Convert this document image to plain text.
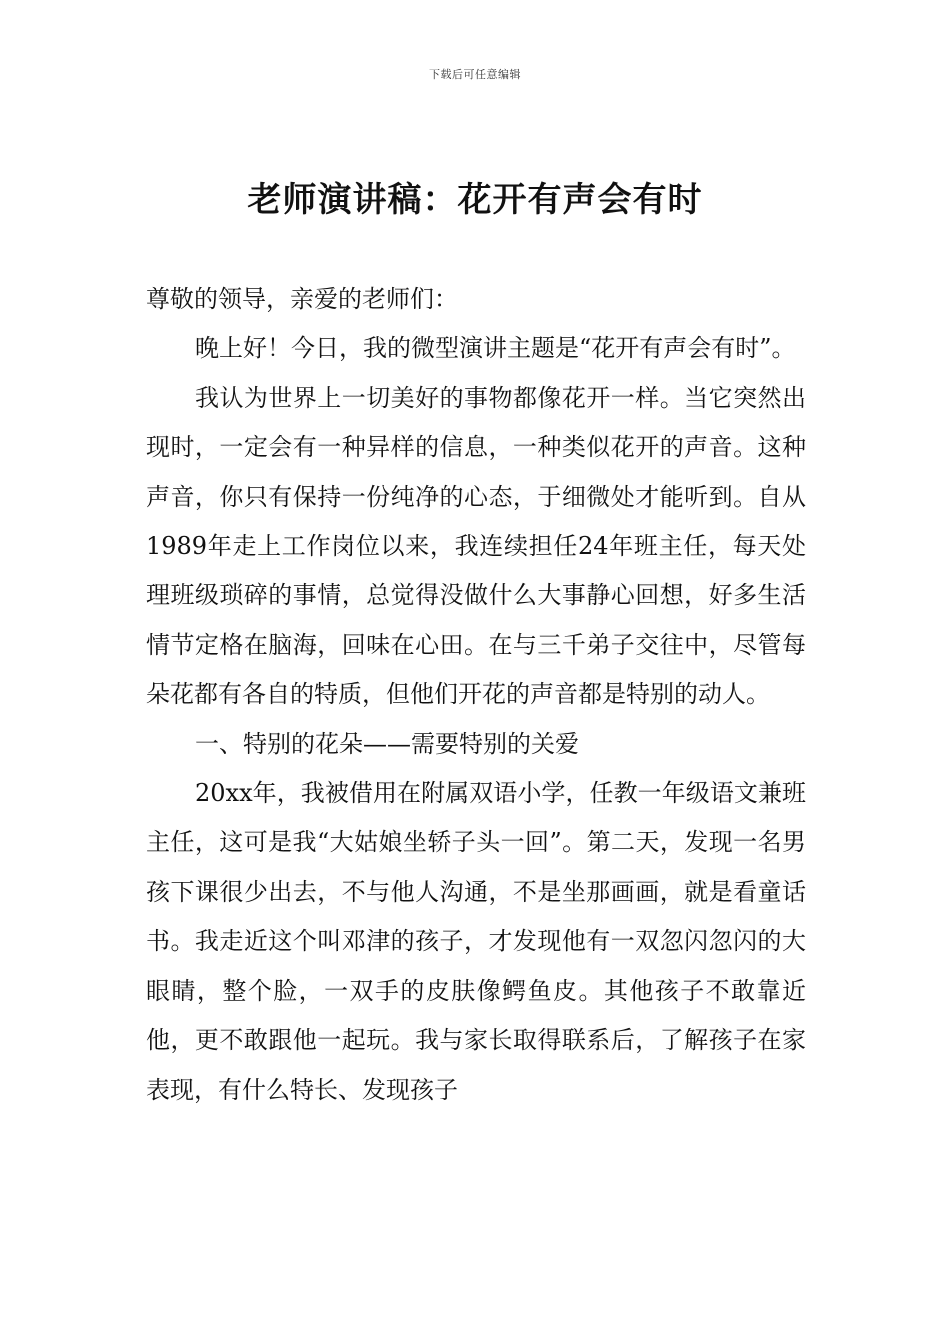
下载后可任意编辑
老师演讲稿：花开有声会有时

尊敬的领导，亲爱的老师们：

晚上好！今日，我的微型演讲主题是“花开有声会有时”。

我认为世界上一切美好的事物都像花开一样。当它突然出现时，一定会有一种异样的信息，一种类似花开的声音。这种声音，你只有保持一份纯净的心态，于细微处才能听到。自从1989年走上工作岗位以来，我连续担任24年班主任，每天处理班级琐碎的事情，总觉得没做什么大事静心回想，好多生活情节定格在脑海，回味在心田。在与三千弟子交往中，尽管每朵花都有各自的特质，但他们开花的声音都是特别的动人。

一、特别的花朵——需要特别的关爱

20xx年，我被借用在附属双语小学，任教一年级语文兼班主任，这可是我“大姑娘坐轿子头一回”。第二天，发现一名男孩下课很少出去，不与他人沟通，不是坐那画画，就是看童话书。我走近这个叫邓津的孩子，才发现他有一双忽闪忽闪的大眼睛，整个脸，一双手的皮肤像鳄鱼皮。其他孩子不敢靠近他，更不敢跟他一起玩。我与家长取得联系后，了解孩子在家表现，有什么特长、发现孩子
